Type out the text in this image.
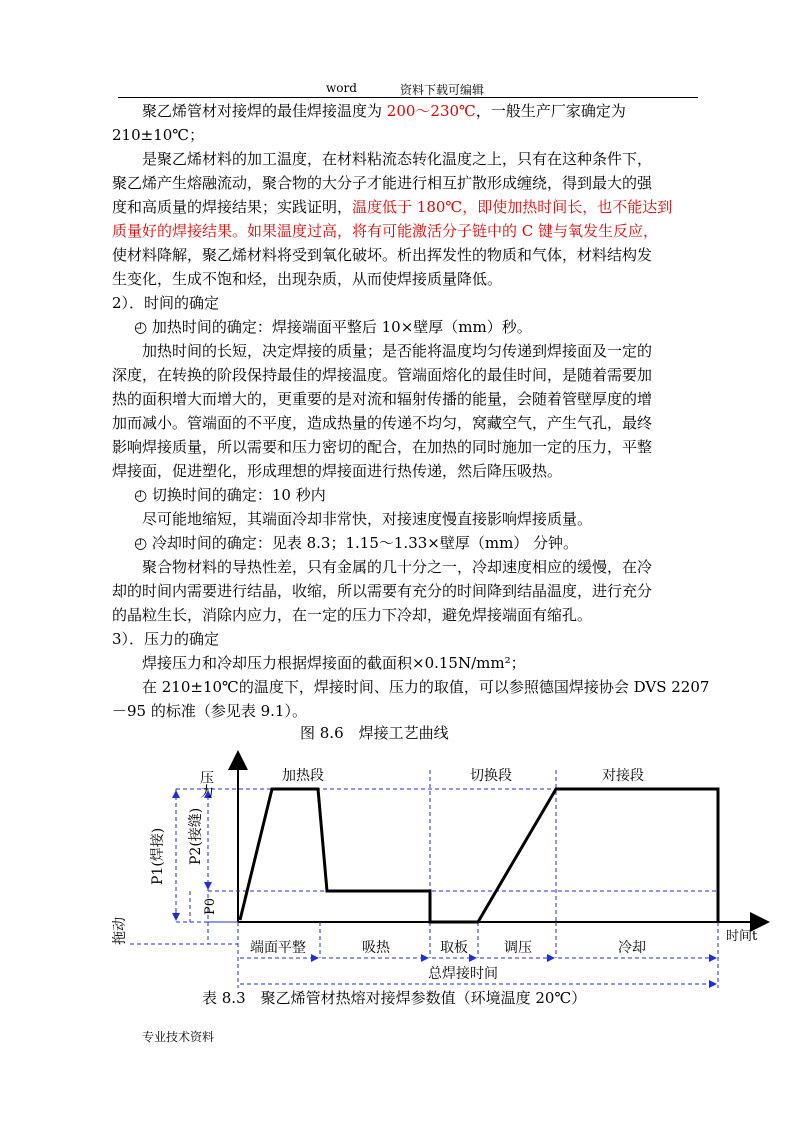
word	资料下载可编辑
聚乙烯管材对接焊的最佳焊接温度为 200～230℃，一般生产厂家确定为
210±10℃；
是聚乙烯材料的加工温度，在材料粘流态转化温度之上，只有在这种条件下，
聚乙烯产生熔融流动，聚合物的大分子才能进行相互扩散形成缠绕，得到最大的强
度和高质量的焊接结果；实践证明，温度低于 180℃，即使加热时间长，也不能达到
质量好的焊接结果。如果温度过高，将有可能激活分子链中的 C 键与氧发生反应，
使材料降解，聚乙烯材料将受到氧化破坏。析出挥发性的物质和气体，材料结构发
生变化，生成不饱和烃，出现杂质，从而使焊接质量降低。
2）．时间的确定
◴ 加热时间的确定：焊接端面平整后 10×壁厚（mm）秒。
加热时间的长短，决定焊接的质量；是否能将温度均匀传递到焊接面及一定的
深度，在转换的阶段保持最佳的焊接温度。管端面熔化的最佳时间，是随着需要加
热的面积增大而增大的，更重要的是对流和辐射传播的能量，会随着管壁厚度的增
加而减小。管端面的不平度，造成热量的传递不均匀，窝藏空气，产生气孔，最终
影响焊接质量，所以需要和压力密切的配合，在加热的同时施加一定的压力，平整
焊接面，促进塑化，形成理想的焊接面进行热传递，然后降压吸热。
◴ 切换时间的确定：10 秒内
尽可能地缩短，其端面冷却非常快，对接速度慢直接影响焊接质量。
◴ 冷却时间的确定：见表 8.3；1.15～1.33×壁厚（mm） 分钟。
聚合物材料的导热性差，只有金属的几十分之一，冷却速度相应的缓慢，在冷
却的时间内需要进行结晶，收缩，所以需要有充分的时间降到结晶温度，进行充分
的晶粒生长，消除内应力，在一定的压力下冷却，避免焊接端面有缩孔。
3）．压力的确定
焊接压力和冷却压力根据焊接面的截面积×0.15N/mm²；
在 210±10℃的温度下，焊接时间、压力的取值，可以参照德国焊接协会 DVS 2207
－95 的标准（参见表 9.1）。
图 8.6　焊接工艺曲线
压力	加热段	切换段	对接段
时间t
P1(焊接) P2(接缝)
P0
拖动
端面平整	吸热	取板	调压	冷却
总焊接时间
表 8.3　聚乙烯管材热熔对接焊参数值（环境温度 20℃）
专业技术资料
